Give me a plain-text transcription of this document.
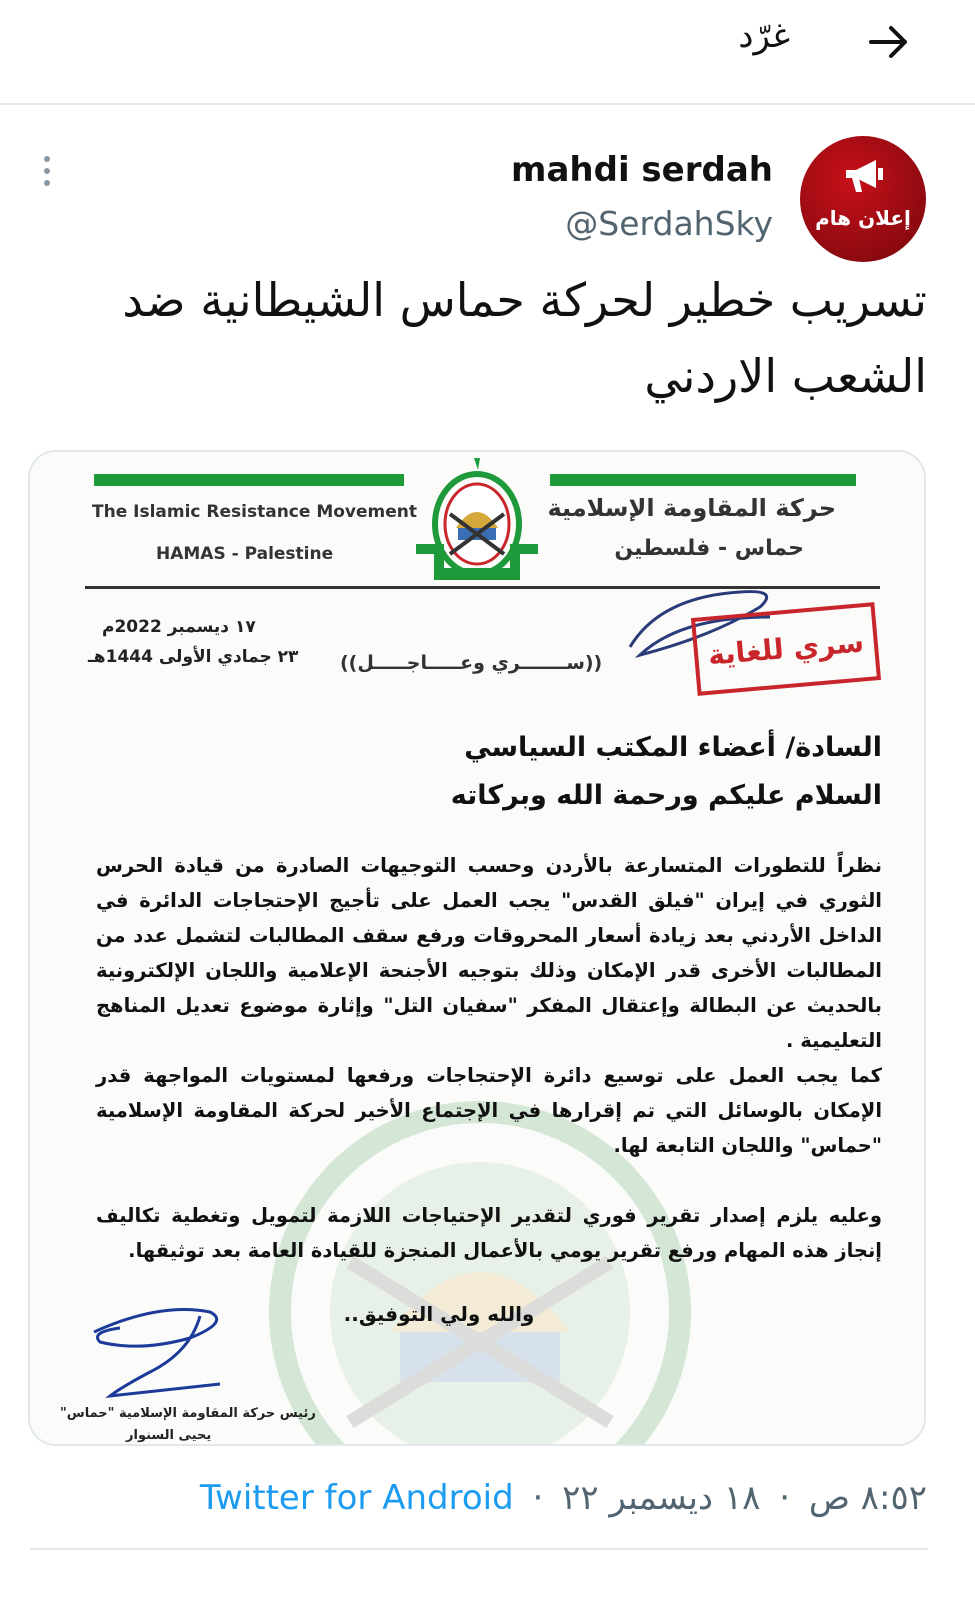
غرّد
إعلان هام
mahdi serdah
@SerdahSky
تسريب خطير لحركة حماس الشيطانية ضد الشعب الاردني
The Islamic Resistance Movement
HAMAS - Palestine
حركة المقاومة الإسلامية
حماس - فلسطين
١٧ ديسمبر 2022م
٢٣ جمادي الأولى 1444هـ ((ســـــــري وعـــــاجـــــل))	سري للغاية
السادة/ أعضاء المكتب السياسي
السلام عليكم ورحمة الله وبركاته
نظراً للتطورات المتسارعة بالأردن وحسب التوجيهات الصادرة من قيادة الحرس الثوري في إيران "فيلق القدس" يجب العمل على تأجيج الإحتجاجات الدائرة في الداخل الأردني بعد زيادة أسعار المحروقات ورفع سقف المطالبات لتشمل عدد من المطالبات الأخرى قدر الإمكان وذلك بتوجيه الأجنحة الإعلامية واللجان الإلكترونية بالحديث عن البطالة وإعتقال المفكر "سفيان التل" وإثارة موضوع تعديل المناهج التعليمية .
كما يجب العمل على توسيع دائرة الإحتجاجات ورفعها لمستويات المواجهة قدر الإمكان بالوسائل التي تم إقرارها في الإجتماع الأخير لحركة المقاومة الإسلامية "حماس" واللجان التابعة لها.
وعليه يلزم إصدار تقرير فوري لتقدير الإحتياجات اللازمة لتمويل وتغطية تكاليف إنجاز هذه المهام ورفع تقرير يومي بالأعمال المنجزة للقيادة العامة بعد توثيقها.
والله ولي التوفيق..
رئيس حركة المقاومة الإسلامية "حماس"
يحيى السنوار
٨:٥٢ ص · ١٨ ديسمبر ٢٢ · Twitter for Android
